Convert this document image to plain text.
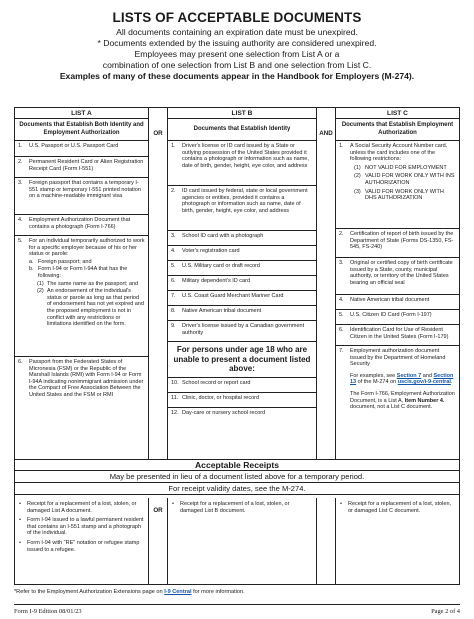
LISTS OF ACCEPTABLE DOCUMENTS
All documents containing an expiration date must be unexpired.
* Documents extended by the issuing authority are considered unexpired.
Employees may present one selection from List A or a
combination of one selection from List B and one selection from List C.
Examples of many of these documents appear in the Handbook for Employers (M-274).
LIST A
Documents that Establish Both Identity and Employment Authorization
1. U.S. Passport or U.S. Passport Card
2. Permanent Resident Card or Alien Registration Receipt Card (Form I-551)
3. Foreign passport that contains a temporary I-551 stamp or temporary I-551 printed notation on a machine-readable immigrant visa
4. Employment Authorization Document that contains a photograph (Form I-766)
5. For an individual temporarily authorized to work for a specific employer because of his or her status or parole:
a. Foreign passport; and
b. Form I-94 or Form I-94A that has the following:
(1) The same name as the passport; and
(2) An endorsement of the individual's status or parole as long as that period of endorsement has not yet expired and the proposed employment is not in conflict with any restrictions or limitations identified on the form.
6. Passport from the Federated States of Micronesia (FSM) or the Republic of the Marshall Islands (RMI) with Form I-94 or Form I-94A indicating nonimmigrant admission under the Compact of Free Association Between the United States and the FSM or RMI
OR
LIST B
Documents that Establish Identity
1. Driver's license or ID card issued by a State or outlying possession of the United States provided it contains a photograph or information such as name, date of birth, gender, height, eye color, and address
2. ID card issued by federal, state or local government agencies or entities, provided it contains a photograph or information such as name, date of birth, gender, height, eye color, and address
3. School ID card with a photograph
4. Voter's registration card
5. U.S. Military card or draft record
6. Military dependent's ID card
7. U.S. Coast Guard Merchant Mariner Card
8. Native American tribal document
9. Driver's license issued by a Canadian government authority
For persons under age 18 who are unable to present a document listed above:
10. School record or report card
11. Clinic, doctor, or hospital record
12. Day-care or nursery school record
AND
LIST C
Documents that Establish Employment Authorization
1. A Social Security Account Number card, unless the card includes one of the following restrictions:
(1) NOT VALID FOR EMPLOYMENT
(2) VALID FOR WORK ONLY WITH INS AUTHORIZATION
(3) VALID FOR WORK ONLY WITH DHS AUTHORIZATION
2. Certification of report of birth issued by the Department of State (Forms DS-1350, FS-545, FS-240)
3. Original or certified copy of birth certificate issued by a State, county, municipal authority, or territory of the United States bearing an official seal
4. Native American tribal document
5. U.S. Citizen ID Card (Form I-197)
6. Identification Card for Use of Resident Citizen in the United States (Form I-179)
7. Employment authorization document issued by the Department of Homeland Security
For examples, see Section 7 and Section 13 of the M-274 on uscis.gov/i-9-central.
The Form I-766, Employment Authorization Document, is a List A, Item Number 4. document, not a List C document.
Acceptable Receipts
May be presented in lieu of a document listed above for a temporary period.
For receipt validity dates, see the M-274.
•	Receipt for a replacement of a lost, stolen, or damaged List A document.
•	Form I-94 issued to a lawful permanent resident that contains an I-551 stamp and a photograph of the individual.
•	Form I-94 with "RE" notation or refugee stamp issued to a refugee.
OR
•	Receipt for a replacement of a lost, stolen, or damaged List B document.
•	Receipt for a replacement of a lost, stolen, or damaged List C document.
*Refer to the Employment Authorization Extensions page on I-9 Central for more information.
Form I-9 Edition 08/01/23	Page 2 of 4
